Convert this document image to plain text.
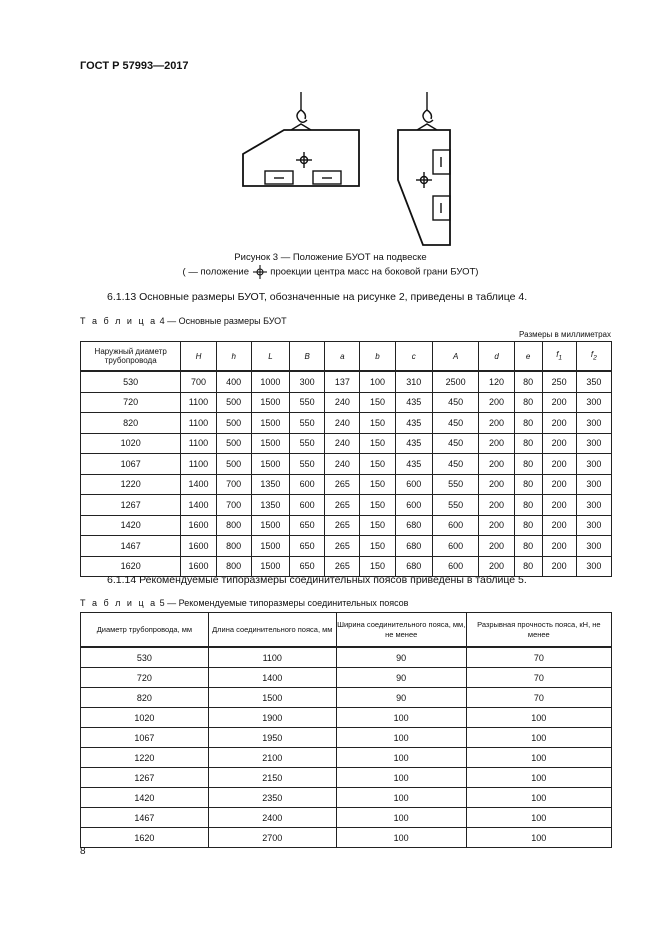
ГОСТ Р 57993—2017
Рисунок 3 — Положение БУОТ на подвеске
( — положение проекции центра масс на боковой грани БУОТ)
6.1.13 Основные размеры БУОТ, обозначенные на рисунке 2, приведены в таблице 4.
Т а б л и ц а 4 — Основные размеры БУОТ
Размеры в миллиметрах
Наружный диаметр трубопровода	H	h	L	B	a	b	c	A	d	e	$f_1$	$f_2$
530	700	400	1000	300	137	100	310	2500	120	80	250	350
720	1100	500	1500	550	240	150	435	450	200	80	200	300
820	1100	500	1500	550	240	150	435	450	200	80	200	300
1020	1100	500	1500	550	240	150	435	450	200	80	200	300
1067	1100	500	1500	550	240	150	435	450	200	80	200	300
1220	1400	700	1350	600	265	150	600	550	200	80	200	300
1267	1400	700	1350	600	265	150	600	550	200	80	200	300
1420	1600	800	1500	650	265	150	680	600	200	80	200	300
1467	1600	800	1500	650	265	150	680	600	200	80	200	300
1620	1600	800	1500	650	265	150	680	600	200	80	200	300
6.1.14 Рекомендуемые типоразмеры соединительных поясов приведены в таблице 5.
Т а б л и ц а 5 — Рекомендуемые типоразмеры соединительных поясов
Диаметр трубопровода, мм	Длина соединительного пояса, мм	Ширина соединительного пояса, мм, не менее	Разрывная прочность пояса, кН, не менее
530	1100	90	70
720	1400	90	70
820	1500	90	70
1020	1900	100	100
1067	1950	100	100
1220	2100	100	100
1267	2150	100	100
1420	2350	100	100
1467	2400	100	100
1620	2700	100	100
8
